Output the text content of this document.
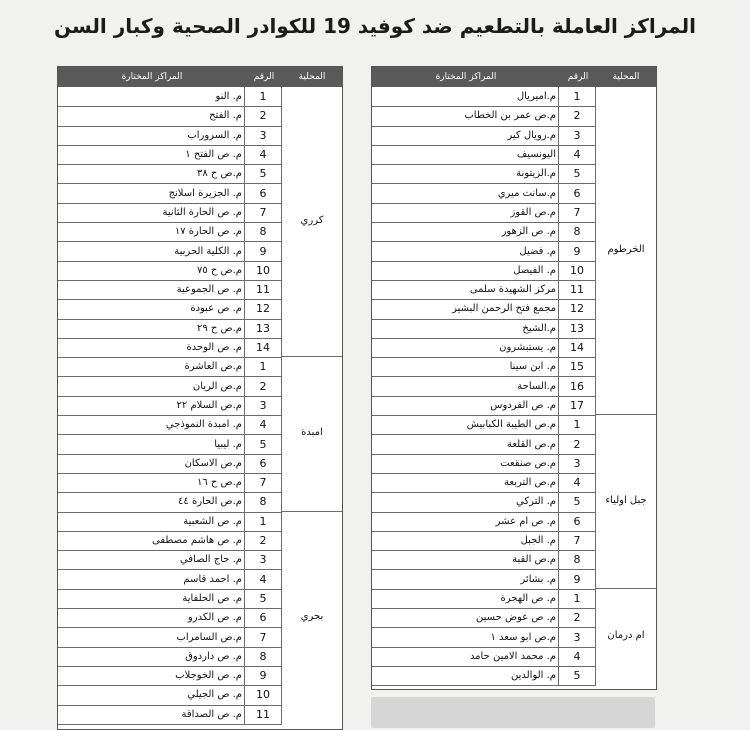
المراكز العاملة بالتطعيم ضد كوفيد 19 للكوادر الصحية وكبار السن
المحلية
الرقم
المراكز المختارة
1
م.اميريال
2
م.ص عمر بن الخطاب
3
م.رويال كير
4
اليونسيف
5
م.الزيتونة
6
م.سانت ميري
7
م.ص القوز
8
م. ص الزهور
9
م. فضيل
10
م. الفيصل
11
مركز الشهيدة سلمى
12
مجمع فتح الرحمن البشير
13
م.الشيخ
14
م. يستبشرون
15
م. ابن سينا
16
م.الساحة
17
م. ص الفردوس
الخرطوم
1
م.ص الطيبة الكبابيش
2
م.ص القلعة
3
م.ص صنقعت
4
م.ص التربعة
5
م. التركي
6
م. ص ام عشر
7
م. الجبل
8
م.ص القبة
9
م. بشائر
جبل اولياء
1
م. ص الهجرة
2
م. ص عوض حسين
3
م.ص ابو سعد ١
4
م. محمد الامين حامد
5
م. الوالدين
ام درمان
المحلية
الرقم
المراكز المختارة
1
م. النو
2
م. الفتح
3
م. السروراب
4
م. ص الفتح ١
5
م.ص ح ٣٨
6
م. الجزيرة اسلانج
7
م. ص الحارة الثانية
8
م. ص الحارة ١٧
9
م. الكلية الحربية
10
م.ص ح ٧٥
11
م. ص الجموعية
12
م. ص عبودة
13
م.ص ح ٢٩
14
م. ص الوحدة
كرري
1
م.ص العاشرة
2
م.ص الريان
3
م.ص السلام ٢٢
4
م. امبدة النموذجي
5
م. ليبيا
6
م.ص الاسكان
7
م.ص ح ١٦
8
م.ص الحارة ٤٤
امبدة
1
م. ص الشعبية
2
م. ص هاشم مصطفى
3
م. حاج الصافي
4
م. احمد قاسم
5
م. ص الحلفاية
6
م. ص الكدرو
7
م.ص السامراب
8
م. ص داردوق
9
م. ص الخوجلاب
10
م. ص الجيلي
11
م. ص الصداقة
بحري
